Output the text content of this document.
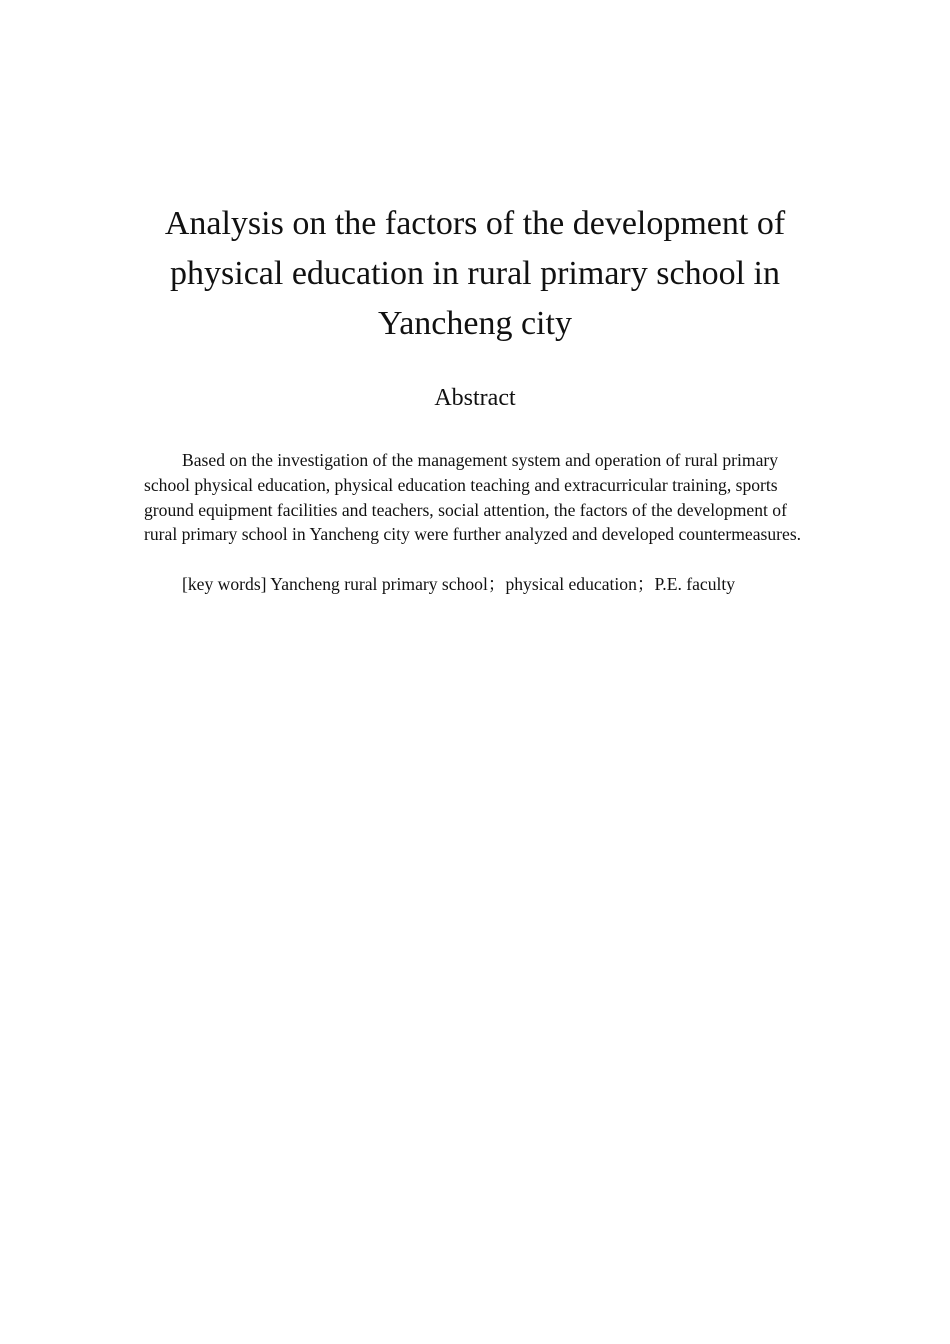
Analysis on the factors of the development of physical education in rural primary school in Yancheng city
Abstract

Based on the investigation of the management system and operation of rural primary school physical education, physical education teaching and extracurricular training, sports ground equipment facilities and teachers, social attention, the factors of the development of rural primary school in Yancheng city were further analyzed and developed countermeasures.

[key words] Yancheng rural primary school；physical education；P.E. faculty
